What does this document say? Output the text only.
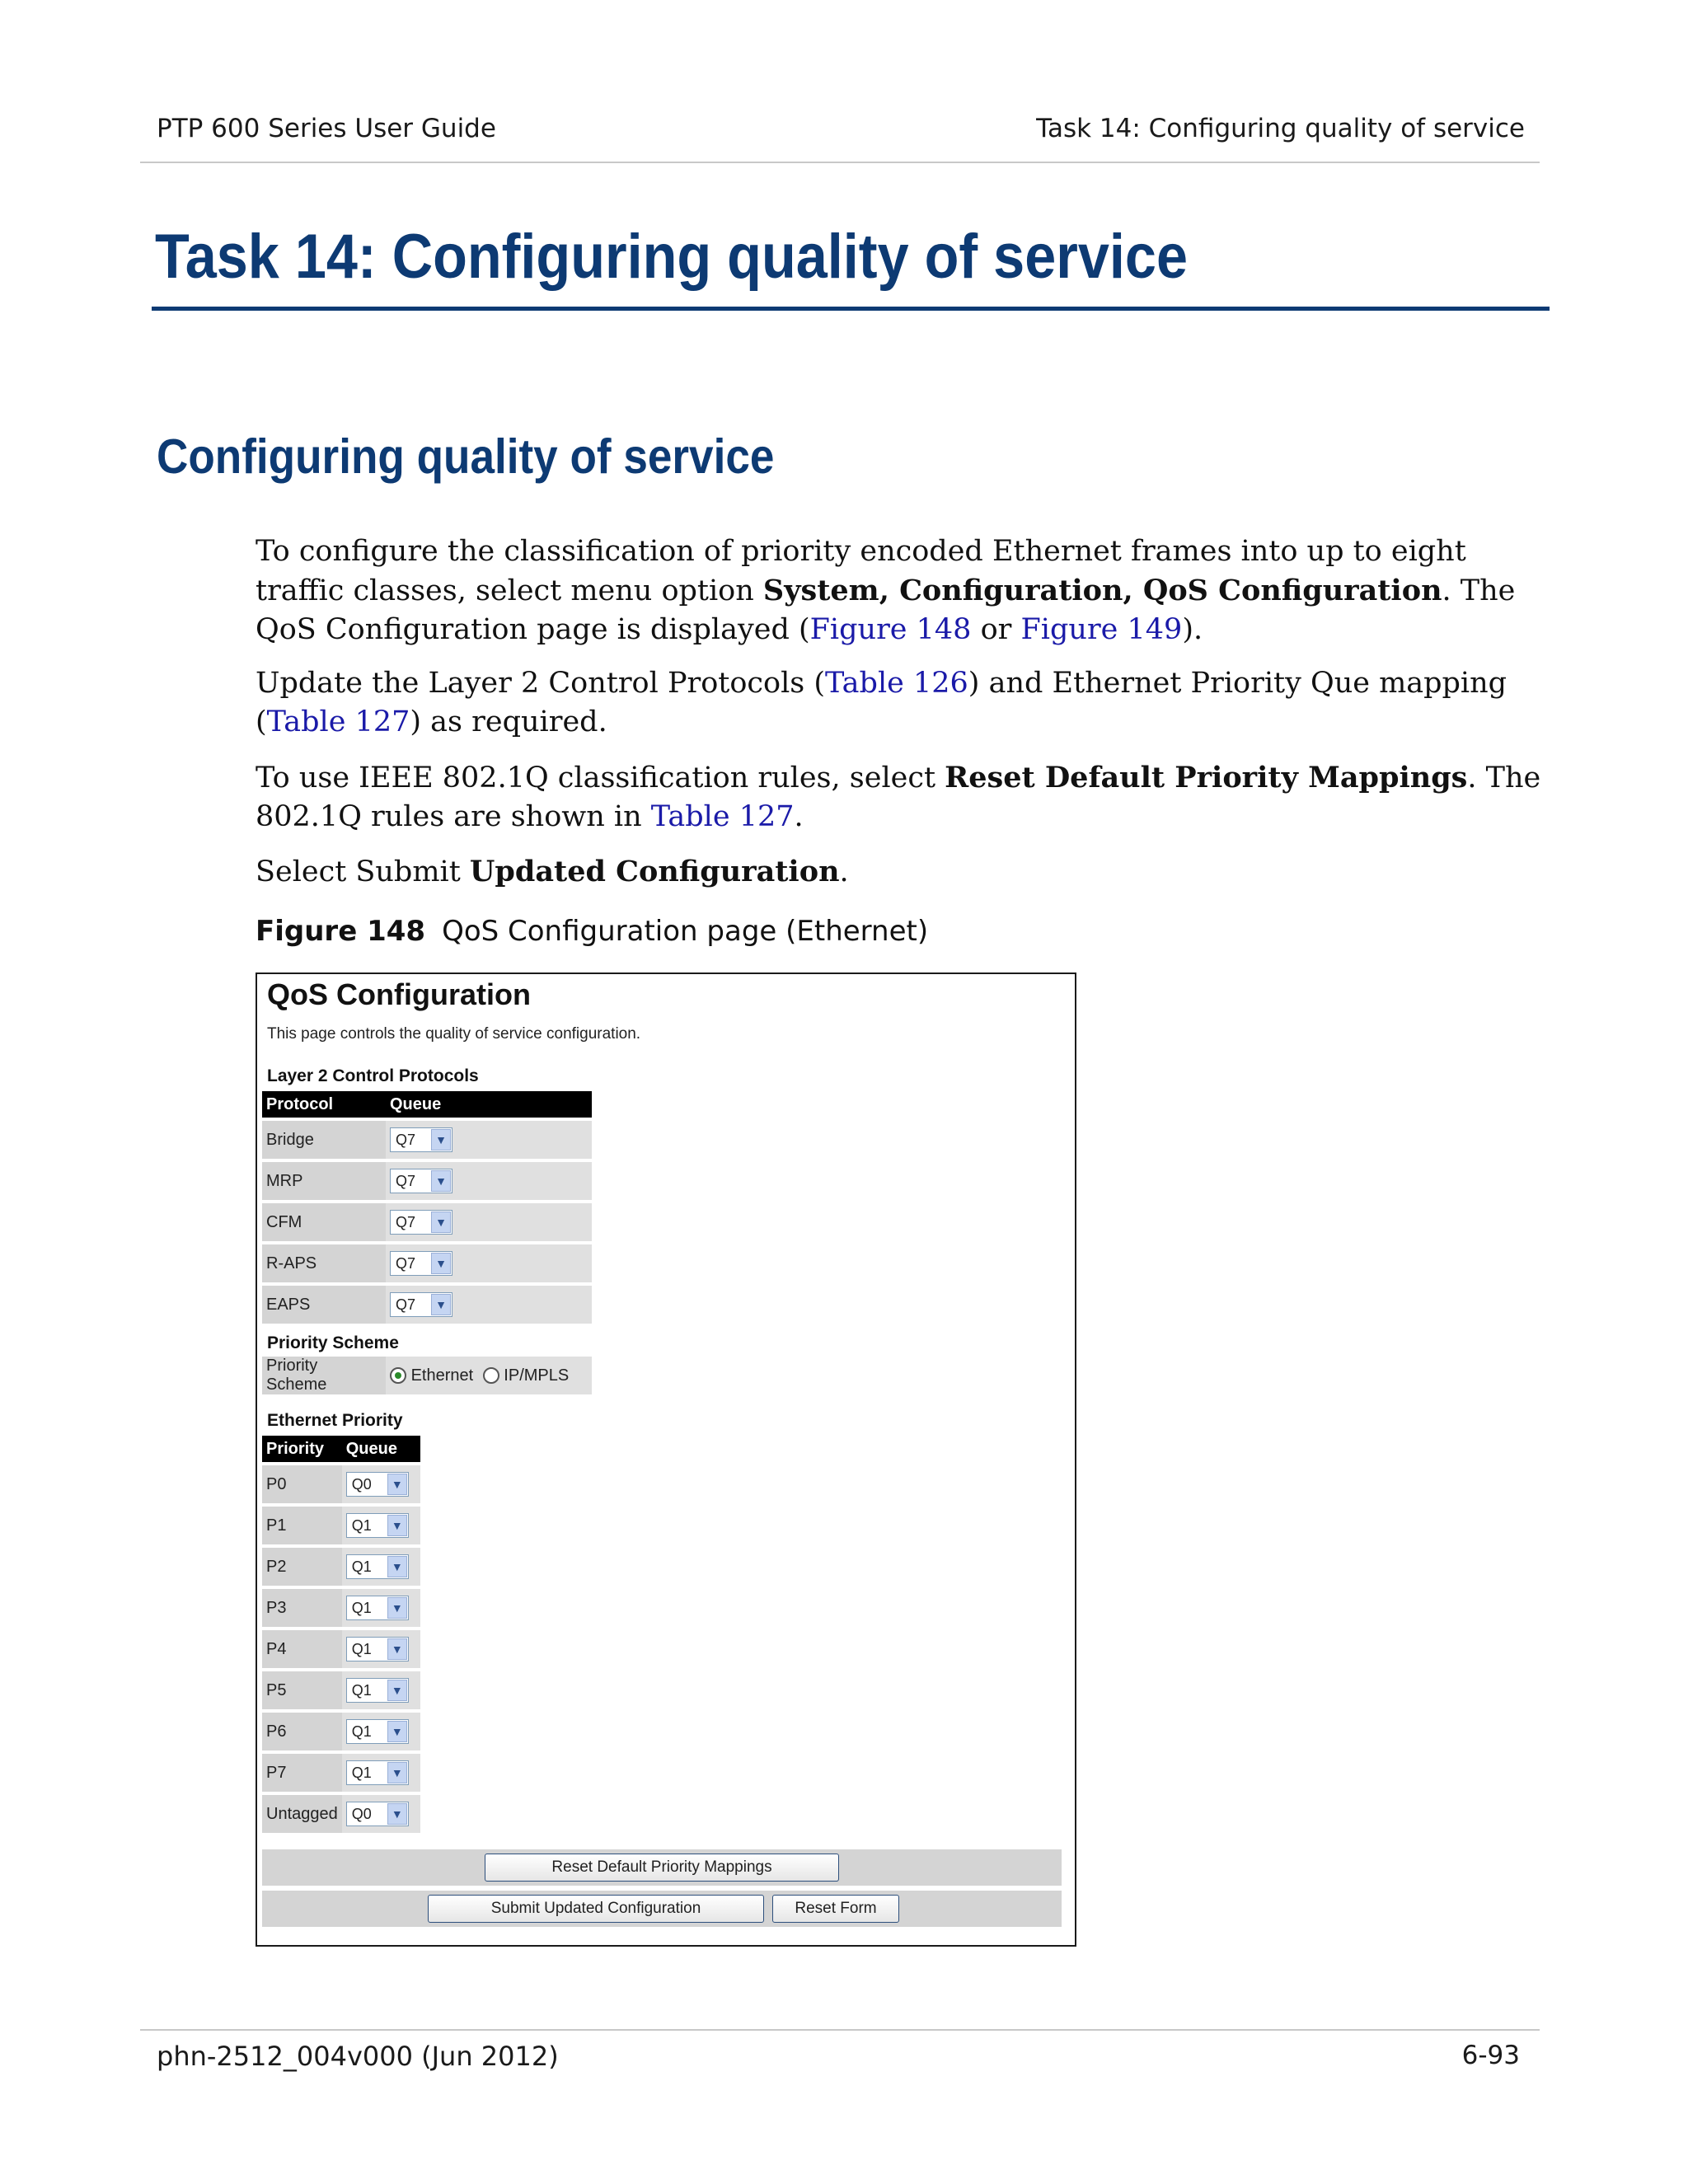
PTP 600 Series User Guide	Task 14: Configuring quality of service
Task 14: Configuring quality of service
Configuring quality of service
To configure the classification of priority encoded Ethernet frames into up to eight traffic classes, select menu option System, Configuration, QoS Configuration. The QoS Configuration page is displayed (Figure 148 or Figure 149).
Update the Layer 2 Control Protocols (Table 126) and Ethernet Priority Que mapping (Table 127) as required.
To use IEEE 802.1Q classification rules, select Reset Default Priority Mappings. The 802.1Q rules are shown in Table 127.
Select Submit Updated Configuration.
Figure 148 QoS Configuration page (Ethernet)
QoS Configuration
This page controls the quality of service configuration.
Layer 2 Control Protocols
Protocol	Queue
Bridge	Q7 ▼

MRP	Q7 ▼

CFM	Q7 ▼

R-APS	Q7 ▼

EAPS	Q7 ▼
Priority Scheme
Priority Scheme	Ethernet IP/MPLS
Ethernet Priority
Priority	Queue
P0	Q0 ▼

P1	Q1 ▼

P2	Q1 ▼

P3	Q1 ▼

P4	Q1 ▼

P5	Q1 ▼

P6	Q1 ▼

P7	Q1 ▼

Untagged	Q0 ▼
Reset Default Priority Mappings
Submit Updated Configuration	Reset Form
phn-2512_004v000 (Jun 2012)	6-93
